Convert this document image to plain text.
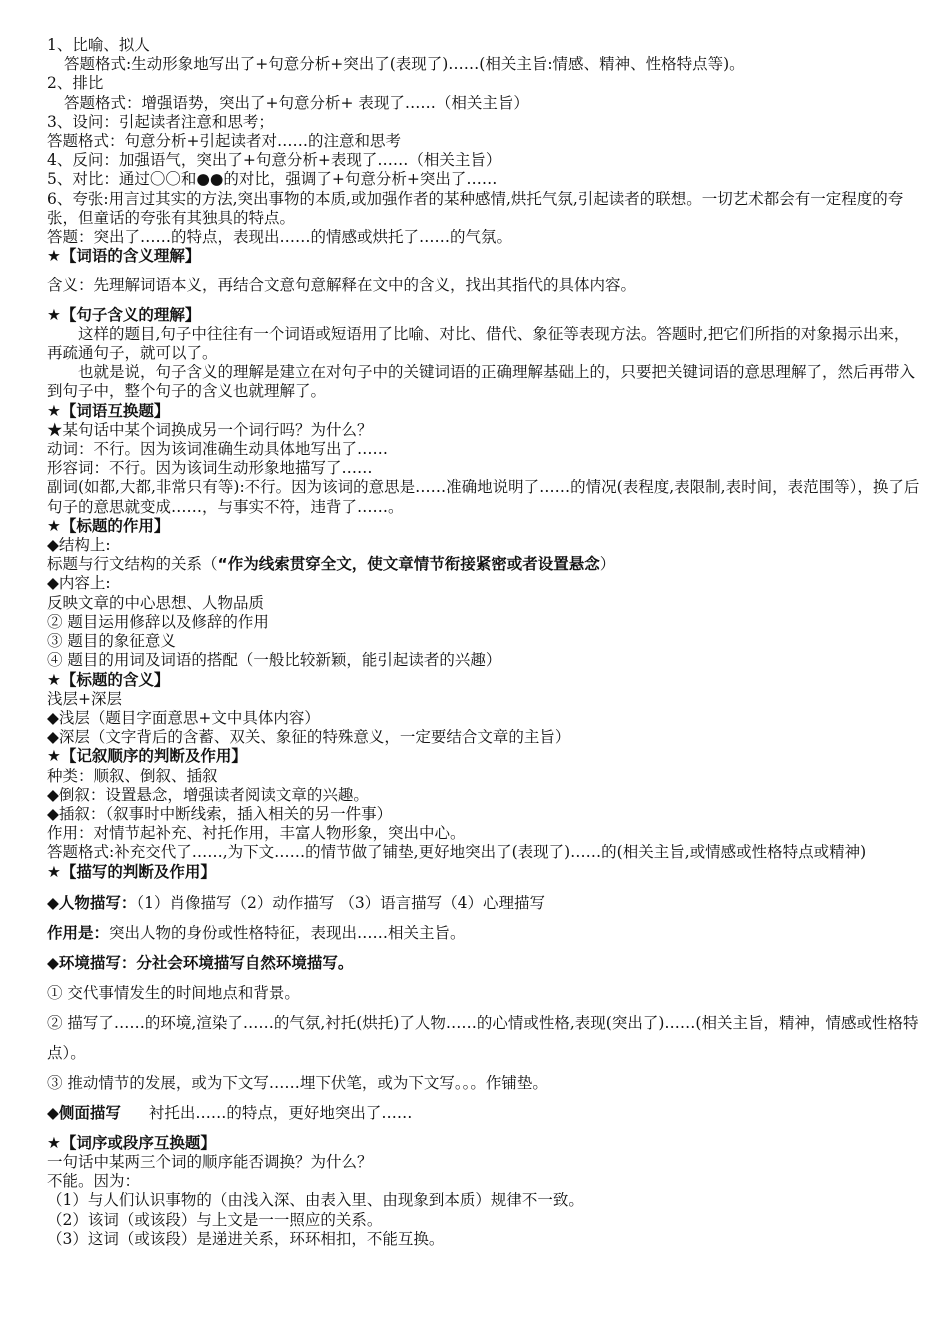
1、比喻、拟人
答题格式:生动形象地写出了+句意分析+突出了(表现了)……(相关主旨:情感、精神、性格特点等)。
2、排比
答题格式：增强语势，突出了+句意分析+ 表现了……（相关主旨）
3、设问：引起读者注意和思考；
答题格式：句意分析+引起读者对……的注意和思考
4、反问：加强语气，突出了+句意分析+表现了……（相关主旨）
5、对比：通过〇〇和●●的对比，强调了+句意分析+突出了……
6、夸张:用言过其实的方法,突出事物的本质,或加强作者的某种感情,烘托气氛,引起读者的联想。一切艺术都会有一定程度的夸张，但童话的夸张有其独具的特点。
答题：突出了……的特点，表现出……的情感或烘托了……的气氛。
★【词语的含义理解】
含义：先理解词语本义，再结合文意句意解释在文中的含义，找出其指代的具体内容。
★【句子含义的理解】
这样的题目,句子中往往有一个词语或短语用了比喻、对比、借代、象征等表现方法。答题时,把它们所指的对象揭示出来，再疏通句子，就可以了。
也就是说，句子含义的理解是建立在对句子中的关键词语的正确理解基础上的，只要把关键词语的意思理解了，然后再带入到句子中，整个句子的含义也就理解了。
★【词语互换题】
★某句话中某个词换成另一个词行吗？为什么？
动词：不行。因为该词准确生动具体地写出了……
形容词：不行。因为该词生动形象地描写了……
副词(如都,大都,非常只有等):不行。因为该词的意思是……准确地说明了……的情况(表程度,表限制,表时间，表范围等），换了后句子的意思就变成……，与事实不符，违背了……。
★【标题的作用】
◆结构上:
标题与行文结构的关系（“作为线索贯穿全文，使文章情节衔接紧密或者设置悬念）
◆内容上:
反映文章的中心思想、人物品质
② 题目运用修辞以及修辞的作用
③ 题目的象征意义
④ 题目的用词及词语的搭配（一般比较新颖，能引起读者的兴趣）
★【标题的含义】
浅层+深层
◆浅层（题目字面意思+文中具体内容）
◆深层（文字背后的含蓄、双关、象征的特殊意义，一定要结合文章的主旨）
★【记叙顺序的判断及作用】
种类：顺叙、倒叙、插叙
◆倒叙：设置悬念，增强读者阅读文章的兴趣。
◆插叙：（叙事时中断线索，插入相关的另一件事）
作用：对情节起补充、衬托作用，丰富人物形象，突出中心。
答题格式:补充交代了……,为下文……的情节做了铺垫,更好地突出了(表现了)……的(相关主旨,或情感或性格特点或精神)
★【描写的判断及作用】
◆人物描写：（1）肖像描写（2）动作描写 （3）语言描写（4）心理描写
作用是：突出人物的身份或性格特征，表现出……相关主旨。
◆环境描写：分社会环境描写自然环境描写。
① 交代事情发生的时间地点和背景。
② 描写了……的环境,渲染了……的气氛,衬托(烘托)了人物……的心情或性格,表现(突出了)……(相关主旨，精神，情感或性格特点）。
③ 推动情节的发展，或为下文写……埋下伏笔，或为下文写。。。作铺垫。
◆侧面描写 衬托出……的特点，更好地突出了……
★【词序或段序互换题】
一句话中某两三个词的顺序能否调换？为什么？
不能。因为：
（1）与人们认识事物的（由浅入深、由表入里、由现象到本质）规律不一致。
（2）该词（或该段）与上文是一一照应的关系。
（3）这词（或该段）是递进关系，环环相扣，不能互换。
